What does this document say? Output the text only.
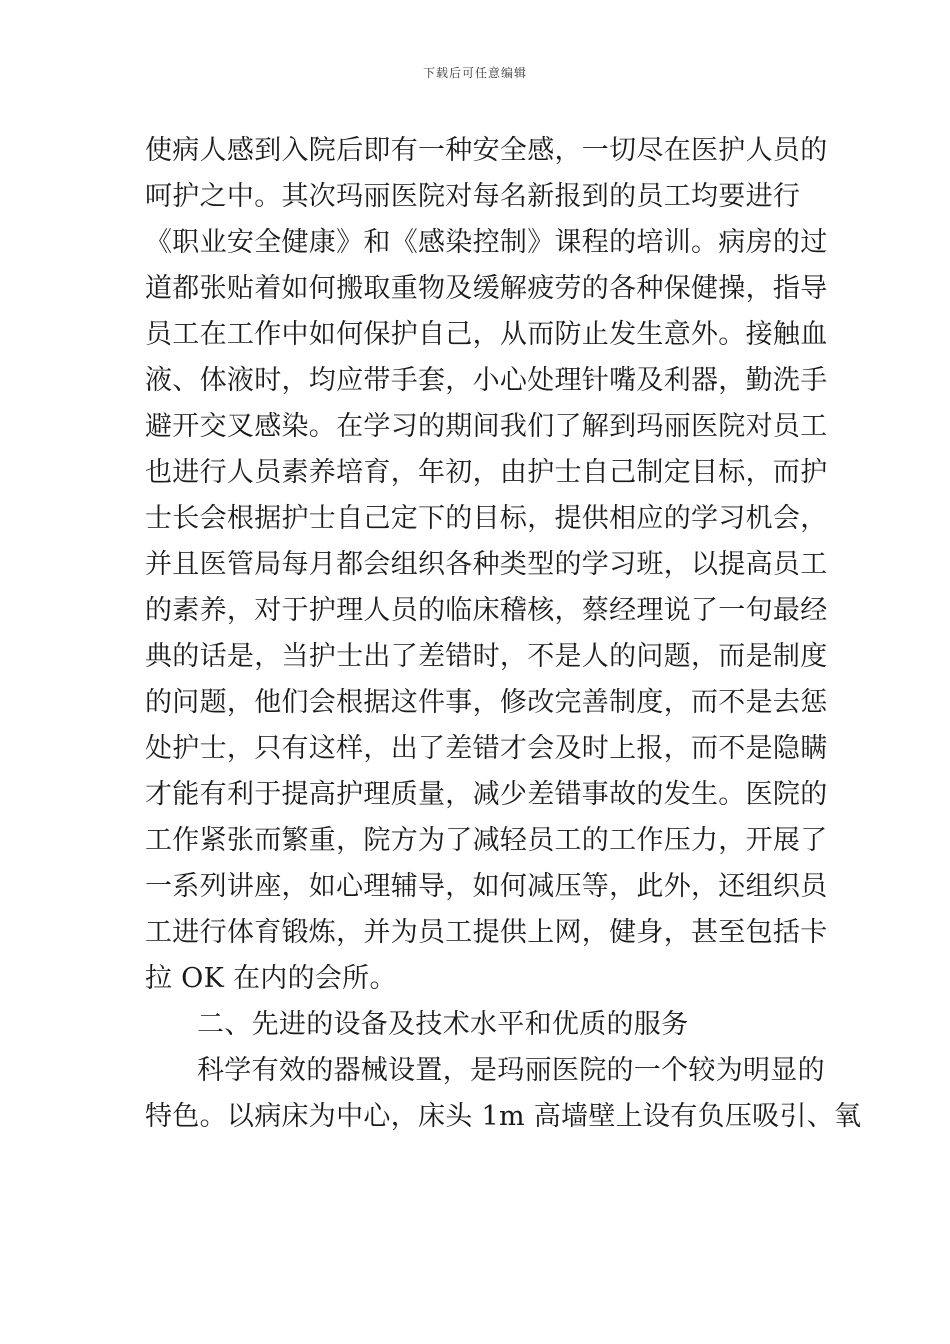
下载后可任意编辑
使病人感到入院后即有一种安全感，一切尽在医护人员的
呵护之中。其次玛丽医院对每名新报到的员工均要进行
《职业安全健康》和《感染控制》课程的培训。病房的过
道都张贴着如何搬取重物及缓解疲劳的各种保健操，指导
员工在工作中如何保护自己，从而防止发生意外。接触血
液、体液时，均应带手套，小心处理针嘴及利器，勤洗手
避开交叉感染。在学习的期间我们了解到玛丽医院对员工
也进行人员素养培育，年初，由护士自己制定目标，而护
士长会根据护士自己定下的目标，提供相应的学习机会，
并且医管局每月都会组织各种类型的学习班，以提高员工
的素养，对于护理人员的临床稽核，蔡经理说了一句最经
典的话是，当护士出了差错时，不是人的问题，而是制度
的问题，他们会根据这件事，修改完善制度，而不是去惩
处护士，只有这样，出了差错才会及时上报，而不是隐瞒
才能有利于提高护理质量，减少差错事故的发生。医院的
工作紧张而繁重，院方为了减轻员工的工作压力，开展了
一系列讲座，如心理辅导，如何减压等，此外，还组织员
工进行体育锻炼，并为员工提供上网，健身，甚至包括卡
拉 OK 在内的会所。
二、先进的设备及技术水平和优质的服务
科学有效的器械设置，是玛丽医院的一个较为明显的
特色。以病床为中心，床头 1m 高墙壁上设有负压吸引、氧
